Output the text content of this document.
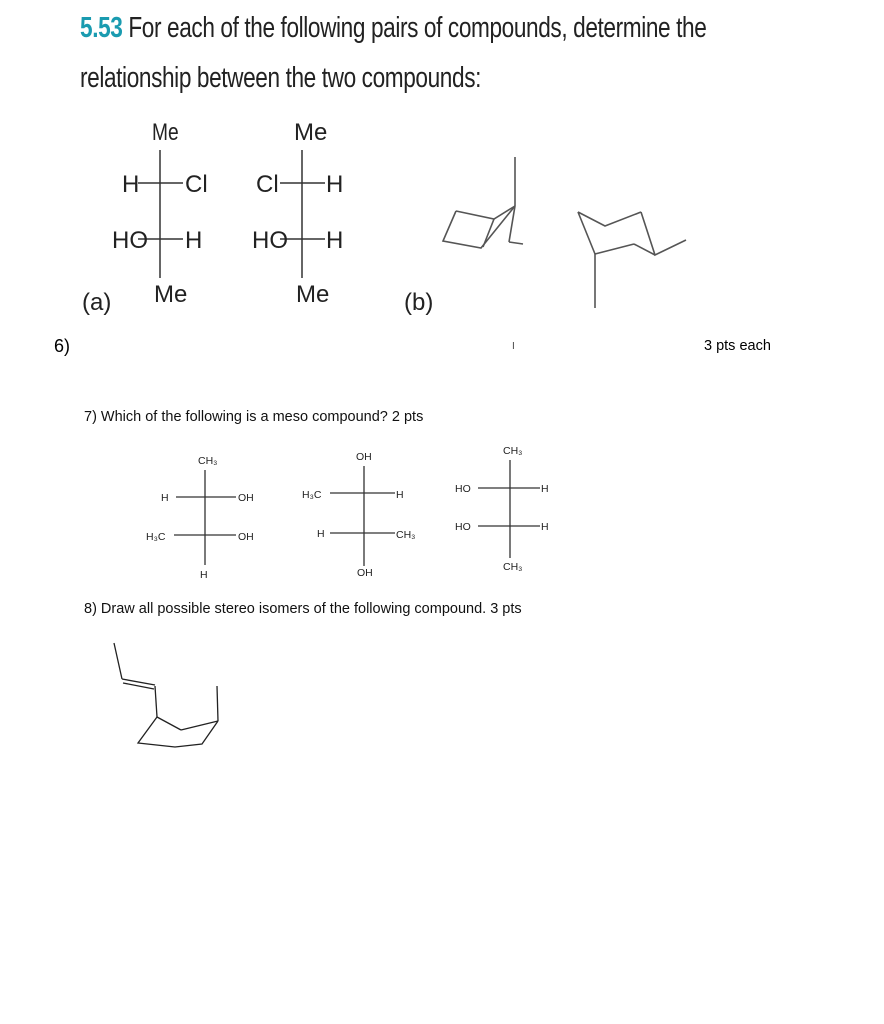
5.53 For each of the following pairs of compounds, determine the
relationship between the two compounds:
Me
H Cl
HO H
Me
Me
Cl H
HO H
Me
(a)	(b)
6)	I	3 pts each
7) Which of the following is a meso compound? 2 pts
CH₃
H	OH
H₃C	OH
H
OH
H₃C	H
H	CH₃
OH
CH₃
HO	H
HO	H
CH₃
8) Draw all possible stereo isomers of the following compound. 3 pts
